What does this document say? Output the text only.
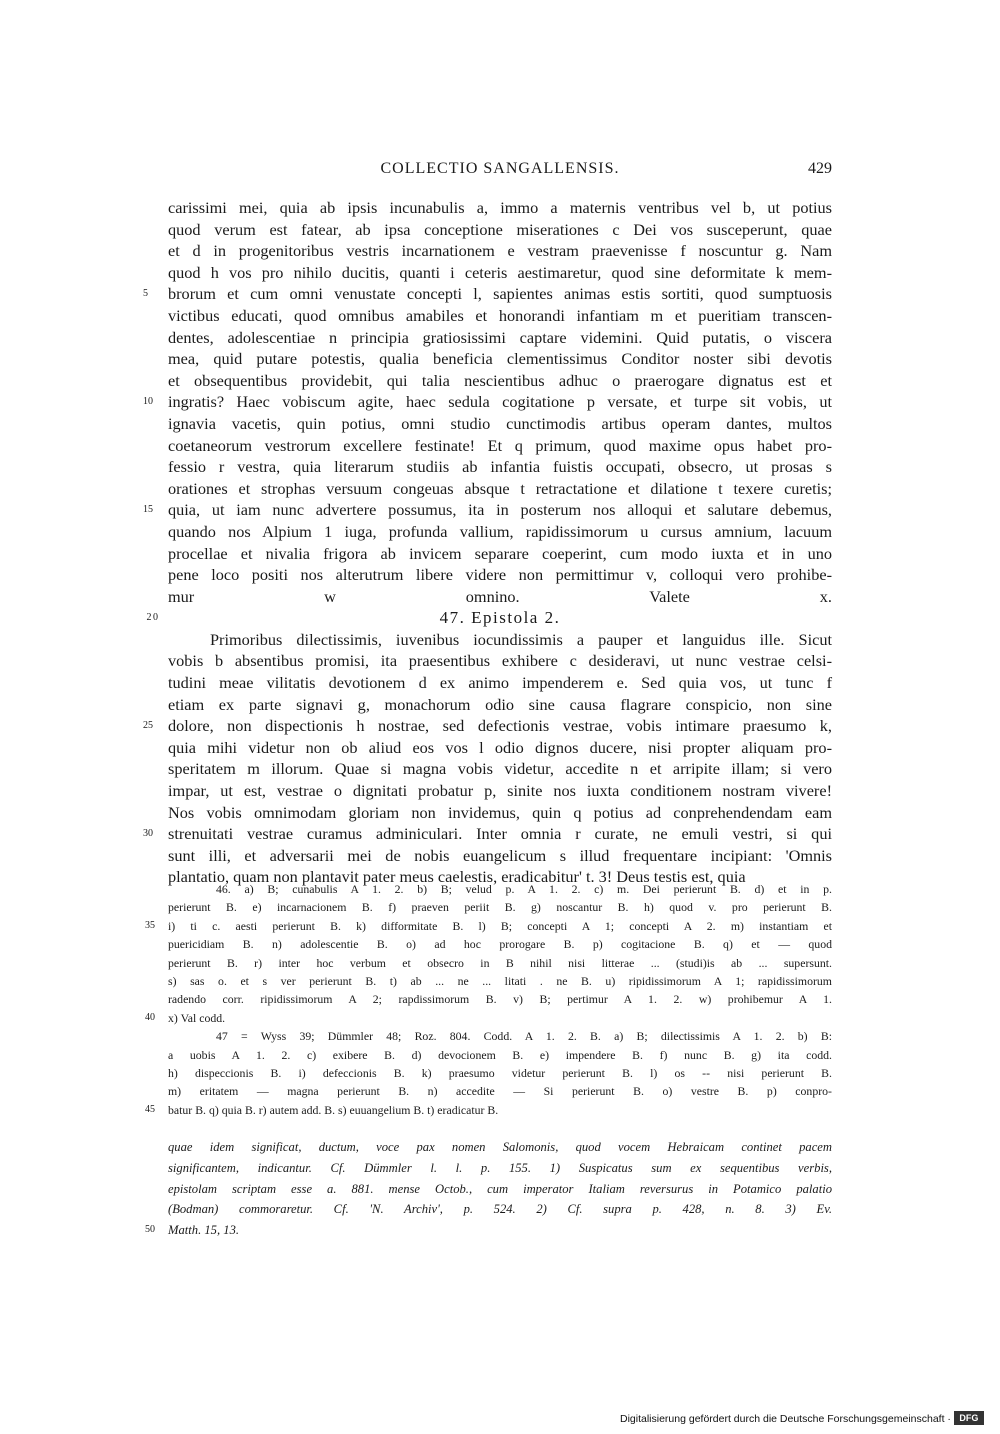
COLLECTIO SANGALLENSIS.	429
carissimi mei, quia ab ipsis incunabulis a, immo a maternis ventribus vel b, ut potius
quod verum est fatear, ab ipsa conceptione miserationes c Dei vos susceperunt, quae
et d in progenitoribus vestris incarnationem e vestram praevenisse f noscuntur g. Nam
quod h vos pro nihilo ducitis, quanti i ceteris aestimaretur, quod sine deformitate k mem-
5	brorum et cum omni venustate concepti l, sapientes animas estis sortiti, quod sumptuosis
victibus educati, quod omnibus amabiles et honorandi infantiam m et pueritiam transcen-
dentes, adolescentiae n principia gratiosissimi captare videmini. Quid putatis, o viscera
mea, quid putare potestis, qualia beneficia clementissimus Conditor noster sibi devotis
et obsequentibus providebit, qui talia nescientibus adhuc o praerogare dignatus est et
10 ingratis? Haec vobiscum agite, haec sedula cogitatione p versate, et turpe sit vobis, ut
ignavia vacetis, quin potius, omni studio cunctimodis artibus operam dantes, multos
coetaneorum vestrorum excellere festinate! Et q primum, quod maxime opus habet pro-
fessio r vestra, quia literarum studiis ab infantia fuistis occupati, obsecro, ut prosas s
orationes et strophas versuum congeuas absque t retractatione et dilatione t texere curetis;
15 quia, ut iam nunc advertere possumus, ita in posterum nos alloqui et salutare debemus,
quando nos Alpium 1 iuga, profunda vallium, rapidissimorum u cursus amnium, lacuum
procellae et nivalia frigora ab invicem separare coeperint, cum modo iuxta et in uno
pene loco positi nos alterutrum libere videre non permittimur v, colloqui vero prohibe-
mur w omnino. Valete x.
20	47. Epistola 2.
Primoribus dilectissimis, iuvenibus iocundissimis a pauper et languidus ille. Sicut
vobis b absentibus promisi, ita praesentibus exhibere c desideravi, ut nunc vestrae celsi-
tudini meae vilitatis devotionem d ex animo impenderem e. Sed quia vos, ut tunc f
etiam ex parte signavi g, monachorum odio sine causa flagrare conspicio, non sine
25 dolore, non dispectionis h nostrae, sed defectionis vestrae, vobis intimare praesumo k,
quia mihi videtur non ob aliud eos vos l odio dignos ducere, nisi propter aliquam pro-
speritatem m illorum. Quae si magna vobis videtur, accedite n et arripite illam; si vero
impar, ut est, vestrae o dignitati probatur p, sinite nos iuxta conditionem nostram vivere!
Nos vobis omnimodam gloriam non invidemus, quin q potius ad conprehendendam eam
30 strenuitati vestrae curamus adminiculari. Inter omnia r curate, ne emuli vestri, si qui
sunt illi, et adversarii mei de nobis euangelicum s illud frequentare incipiant: 'Omnis
plantatio, quam non plantavit pater meus caelestis, eradicabitur' t. 3! Deus testis est, quia
46. a) B; cunabulis A 1. 2. b) B; velud p. A 1. 2. c) m. Dei perierunt B. d) et in p.
perierunt B. e) incarnacionem B. f) praeven periit B. g) noscantur B. h) quod v. pro perierunt B.
35	i) ti c. aesti perierunt B. k) difformitate B. l) B; concepti A 1; concepti A 2. m) instantiam et
puericidiam B. n) adolescentie B. o) ad hoc prorogare B. p) cogitacione B. q) et — quod
perierunt B. r) inter hoc verbum et obsecro in B nihil nisi litterae ... (studi)is ab ... supersunt.
s) sas o. et s ver perierunt B. t) ab ... ne ... litati . ne B. u) ripidissimorum A 1; rapidissimorum
radendo corr. ripidissimorum A 2; rapdissimorum B. v) B; pertimur A 1. 2. w) prohibemur A 1.
40	x) Val codd.
47 = Wyss 39; Dümmler 48; Roz. 804. Codd. A 1. 2. B. a) B; dilectissimis A 1. 2. b) B:
a uobis A 1. 2. c) exibere B. d) devocionem B. e) impendere B. f) nunc B. g) ita codd.
h) dispeccionis B. i) defeccionis B. k) praesumo videtur perierunt B. l) os -- nisi perierunt B.
m) eritatem — magna perierunt B. n) accedite — Si perierunt B. o) vestre B. p) conpro-
45	batur B. q) quia B. r) autem add. B. s) euuangelium B. t) eradicatur B.
quae idem significat, ductum, voce pax nomen Salomonis, quod vocem Hebraicam continet pacem
significantem, indicantur. Cf. Dümmler l. l. p. 155. 1) Suspicatus sum ex sequentibus verbis,
epistolam scriptam esse a. 881. mense Octob., cum imperator Italiam reversurus in Potamico palatio
(Bodman) commoraretur. Cf. 'N. Archiv', p. 524. 2) Cf. supra p. 428, n. 8. 3) Ev.
50	Matth. 15, 13.
$^{Digitalisierung gefördert durch die Deutsche Forschungsgemeinschaft \cdot}$ DFG
